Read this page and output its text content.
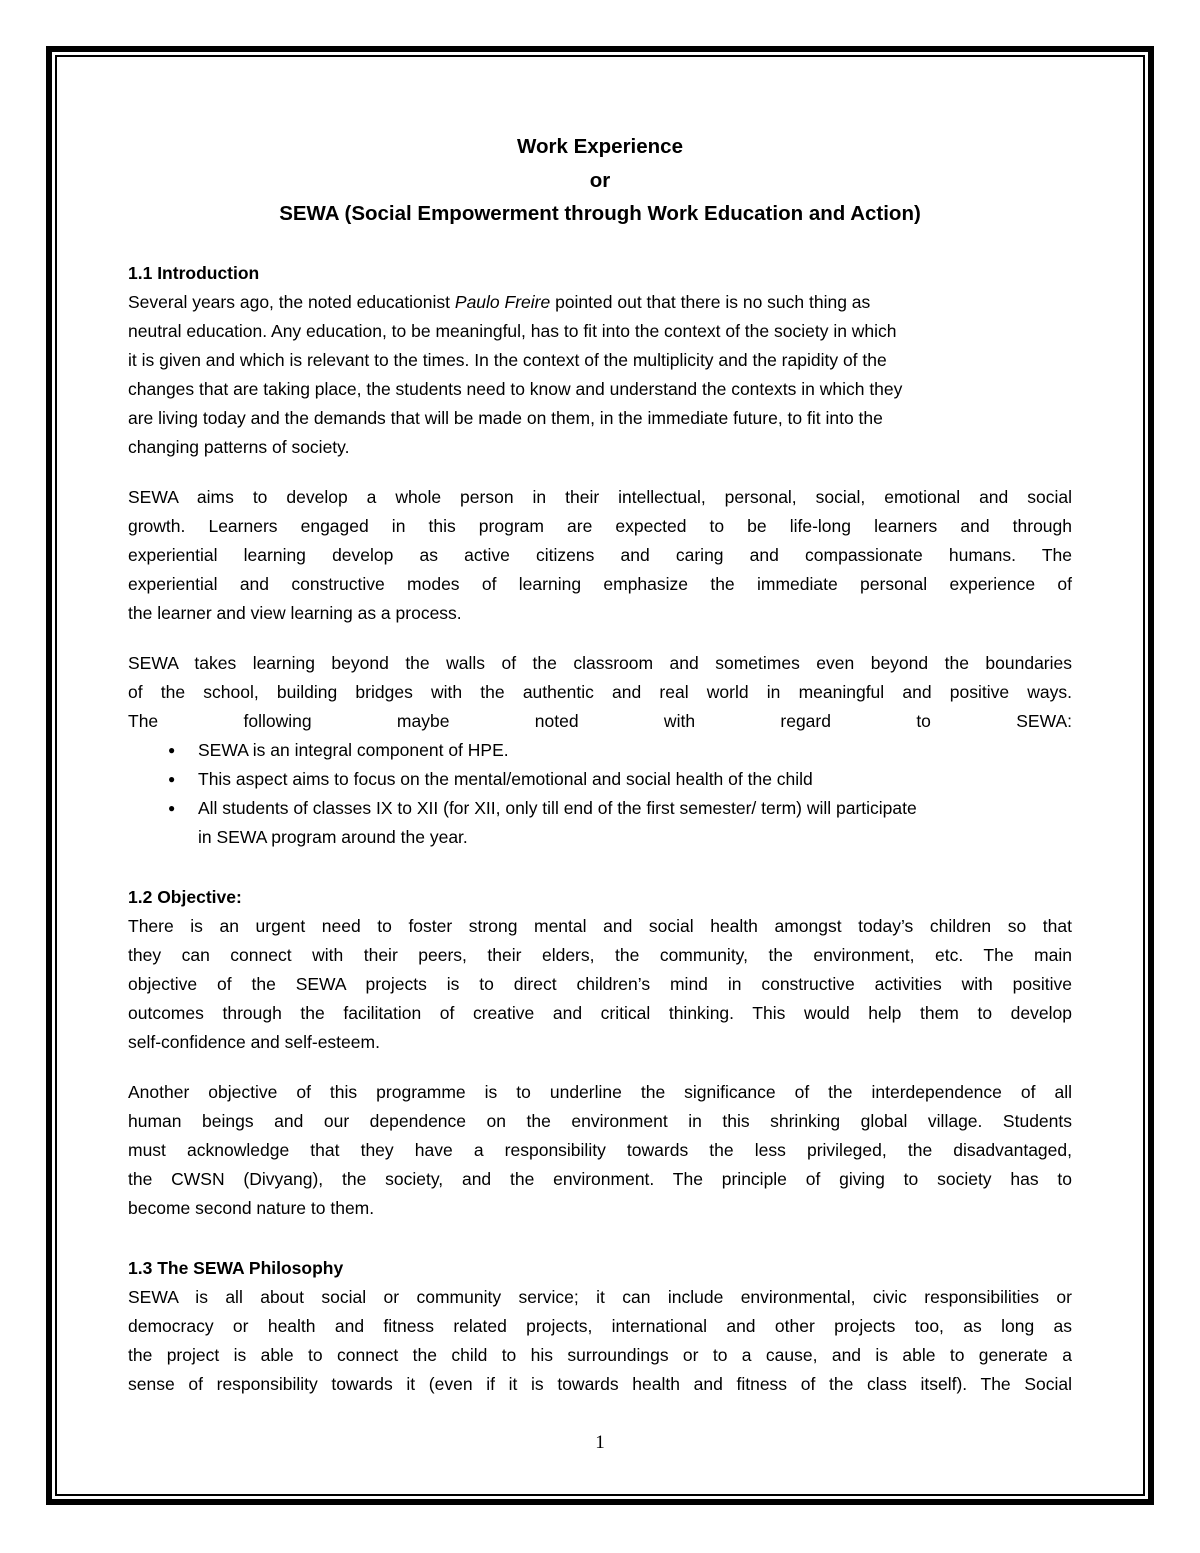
Work Experience
or
SEWA (Social Empowerment through Work Education and Action)
1.1 Introduction
Several years ago, the noted educationist Paulo Freire pointed out that there is no such thing as
neutral education. Any education, to be meaningful, has to fit into the context of the society in which
it is given and which is relevant to the times. In the context of the multiplicity and the rapidity of the
changes that are taking place, the students need to know and understand the contexts in which they
are living today and the demands that will be made on them, in the immediate future, to fit into the
changing patterns of society.
SEWA aims to develop a whole person in their intellectual, personal, social, emotional and social
growth. Learners engaged in this program are expected to be life-long learners and through
experiential learning develop as active citizens and caring and compassionate humans. The
experiential and constructive modes of learning emphasize the immediate personal experience of
the learner and view learning as a process.
SEWA takes learning beyond the walls of the classroom and sometimes even beyond the boundaries
of the school, building bridges with the authentic and real world in meaningful and positive ways.
The following maybe noted with regard to SEWA:
● SEWA is an integral component of HPE.
● This aspect aims to focus on the mental/emotional and social health of the child
● All students of classes IX to XII (for XII, only till end of the first semester/ term) will participate
in SEWA program around the year.
1.2 Objective:
There is an urgent need to foster strong mental and social health amongst today’s children so that
they can connect with their peers, their elders, the community, the environment, etc. The main
objective of the SEWA projects is to direct children’s mind in constructive activities with positive
outcomes through the facilitation of creative and critical thinking. This would help them to develop
self-confidence and self-esteem.
Another objective of this programme is to underline the significance of the interdependence of all
human beings and our dependence on the environment in this shrinking global village. Students
must acknowledge that they have a responsibility towards the less privileged, the disadvantaged,
the CWSN (Divyang), the society, and the environment. The principle of giving to society has to
become second nature to them.
1.3 The SEWA Philosophy
SEWA is all about social or community service; it can include environmental, civic responsibilities or
democracy or health and fitness related projects, international and other projects too, as long as
the project is able to connect the child to his surroundings or to a cause, and is able to generate a
sense of responsibility towards it (even if it is towards health and fitness of the class itself). The Social
1
